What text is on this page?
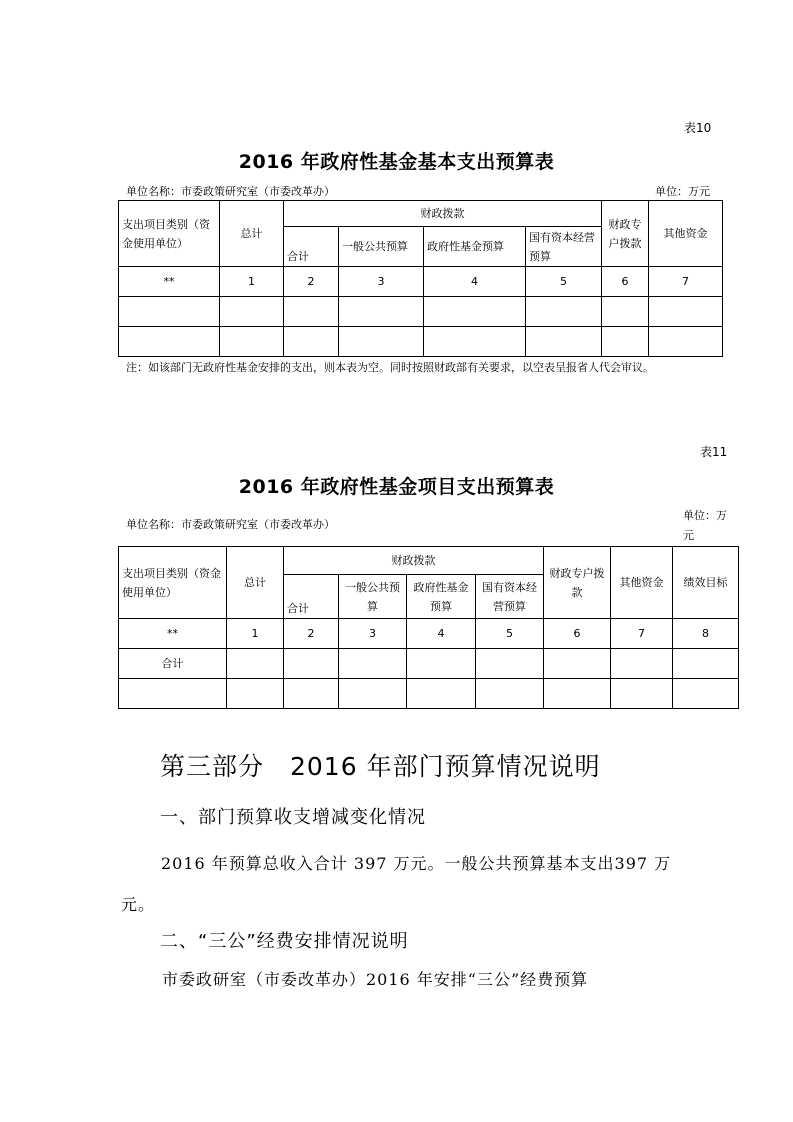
表10
2016 年政府性基金基本支出预算表
单位名称：市委政策研究室（市委改革办）	单位：万元
支出项目类别（资金使用单位）	总计	财政拨款				财政专户拨款	其他资金
		合计	一般公共预算	政府性基金预算	国有资本经营预算		
**	1	2	3	4	5	6	7

注：如该部门无政府性基金安排的支出，则本表为空。同时按照财政部有关要求，以空表呈报省人代会审议。
表11
2016 年政府性基金项目支出预算表
单位名称：市委政策研究室（市委改革办）
单位：万元
支出项目类别（资金使用单位）	总计	财政拨款				财政专户拨款	其他资金	绩效目标
		合计	一般公共预算	政府性基金预算	国有资本经营预算			
**	1	2	3	4	5	6	7	8
合计								

第三部分　2016 年部门预算情况说明
一、部门预算收支增减变化情况
2016 年预算总收入合计 397 万元。一般公共预算基本支出397 万元。
二、“三公”经费安排情况说明
市委政研室（市委改革办）2016 年安排“三公”经费预算
